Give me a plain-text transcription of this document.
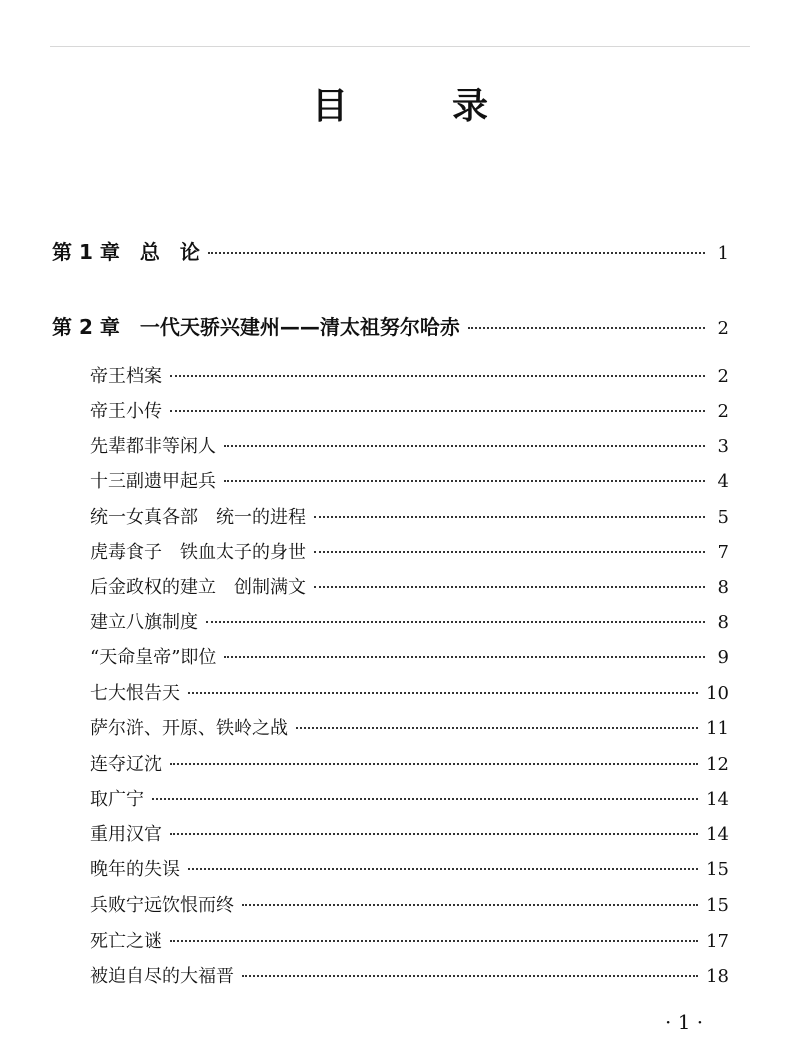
目　录
第 1 章　总　论	1
第 2 章　一代天骄兴建州——清太祖努尔哈赤	2
帝王档案	2
帝王小传	2
先辈都非等闲人	3
十三副遗甲起兵	4
统一女真各部　统一的进程	5
虎毒食子　铁血太子的身世	7
后金政权的建立　创制满文	8
建立八旗制度	8
“天命皇帝”即位	9
七大恨告天	10
萨尔浒、开原、铁岭之战	11
连夺辽沈	12
取广宁	14
重用汉官	14
晚年的失误	15
兵败宁远饮恨而终	15
死亡之谜	17
被迫自尽的大福晋	18
· 1 ·
